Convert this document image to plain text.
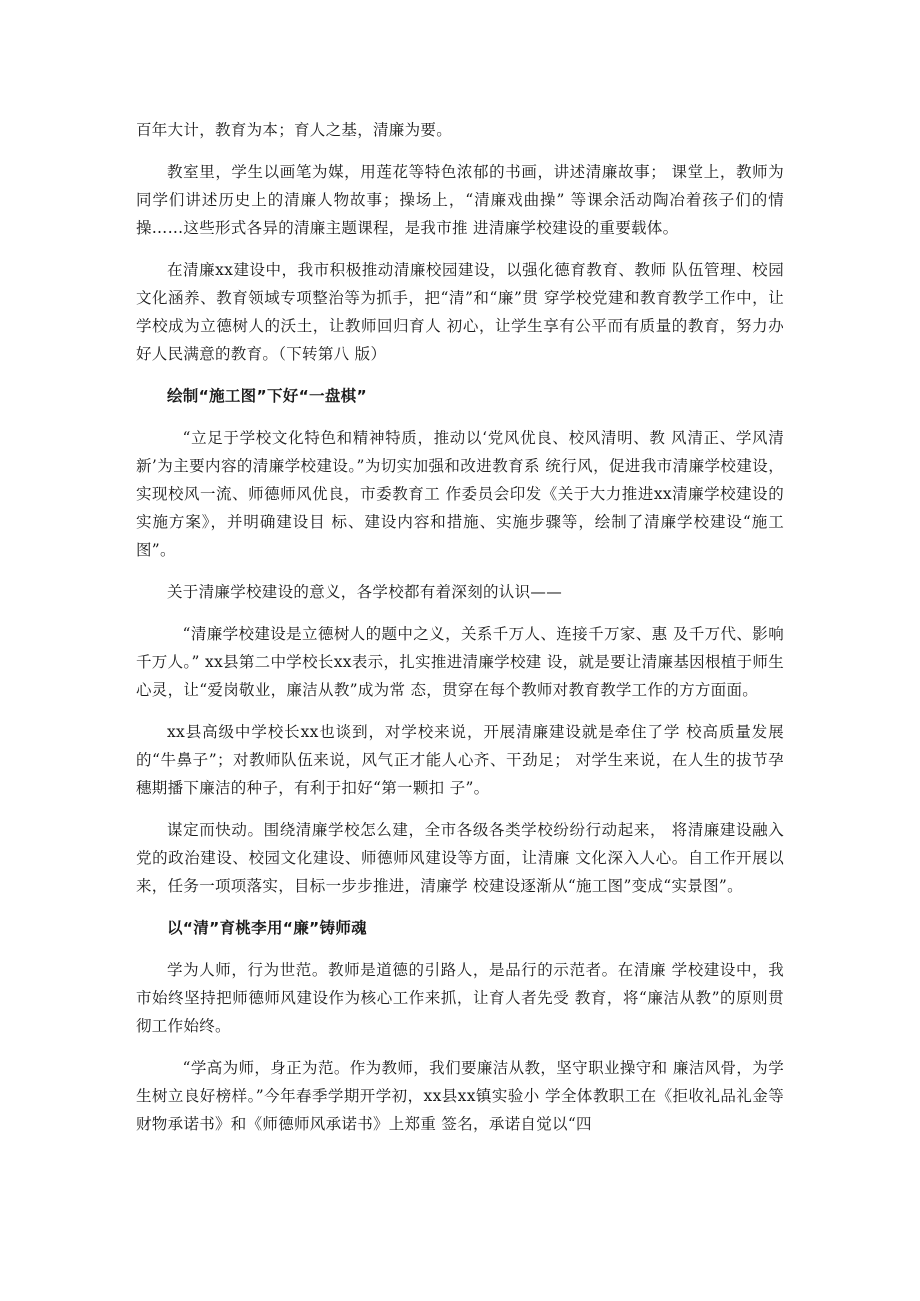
百年大计，教育为本；育人之基，清廉为要。

教室里，学生以画笔为媒，用莲花等特色浓郁的书画，讲述清廉故事； 课堂上，教师为同学们讲述历史上的清廉人物故事；操场上，“清廉戏曲操” 等课余活动陶冶着孩子们的情操……这些形式各异的清廉主题课程，是我市推 进清廉学校建设的重要载体。

在清廉xx建设中，我市积极推动清廉校园建设，以强化德育教育、教师 队伍管理、校园文化涵养、教育领域专项整治等为抓手，把“清”和“廉”贯 穿学校党建和教育教学工作中，让学校成为立德树人的沃土，让教师回归育人 初心，让学生享有公平而有质量的教育，努力办好人民满意的教育。（下转第八 版）

绘制“施工图”下好“一盘棋”

“立足于学校文化特色和精神特质，推动以‘党风优良、校风清明、教 风清正、学风清新’为主要内容的清廉学校建设。”为切实加强和改进教育系 统行风，促进我市清廉学校建设，实现校风一流、师德师风优良，市委教育工 作委员会印发《关于大力推进xx清廉学校建设的实施方案》，并明确建设目 标、建设内容和措施、实施步骤等，绘制了清廉学校建设“施工图”。

关于清廉学校建设的意义，各学校都有着深刻的认识——

“清廉学校建设是立德树人的题中之义，关系千万人、连接千万家、惠 及千万代、影响千万人。” xx县第二中学校长xx表示，扎实推进清廉学校建 设，就是要让清廉基因根植于师生心灵，让“爱岗敬业，廉洁从教”成为常 态，贯穿在每个教师对教育教学工作的方方面面。

xx县高级中学校长xx也谈到，对学校来说，开展清廉建设就是牵住了学 校高质量发展的“牛鼻子”；对教师队伍来说，风气正才能人心齐、干劲足； 对学生来说，在人生的拔节孕穗期播下廉洁的种子，有利于扣好“第一颗扣 子”。

谋定而快动。围绕清廉学校怎么建，全市各级各类学校纷纷行动起来， 将清廉建设融入党的政治建设、校园文化建设、师德师风建设等方面，让清廉 文化深入人心。自工作开展以来，任务一项项落实，目标一步步推进，清廉学 校建设逐渐从“施工图”变成“实景图”。

以“清”育桃李用“廉”铸师魂

学为人师，行为世范。教师是道德的引路人，是品行的示范者。在清廉 学校建设中，我市始终坚持把师德师风建设作为核心工作来抓，让育人者先受 教育，将“廉洁从教”的原则贯彻工作始终。

“学高为师，身正为范。作为教师，我们要廉洁从教，坚守职业操守和 廉洁风骨，为学生树立良好榜样。”今年春季学期开学初，xx县xx镇实验小 学全体教职工在《拒收礼品礼金等财物承诺书》和《师德师风承诺书》上郑重 签名，承诺自觉以“四
